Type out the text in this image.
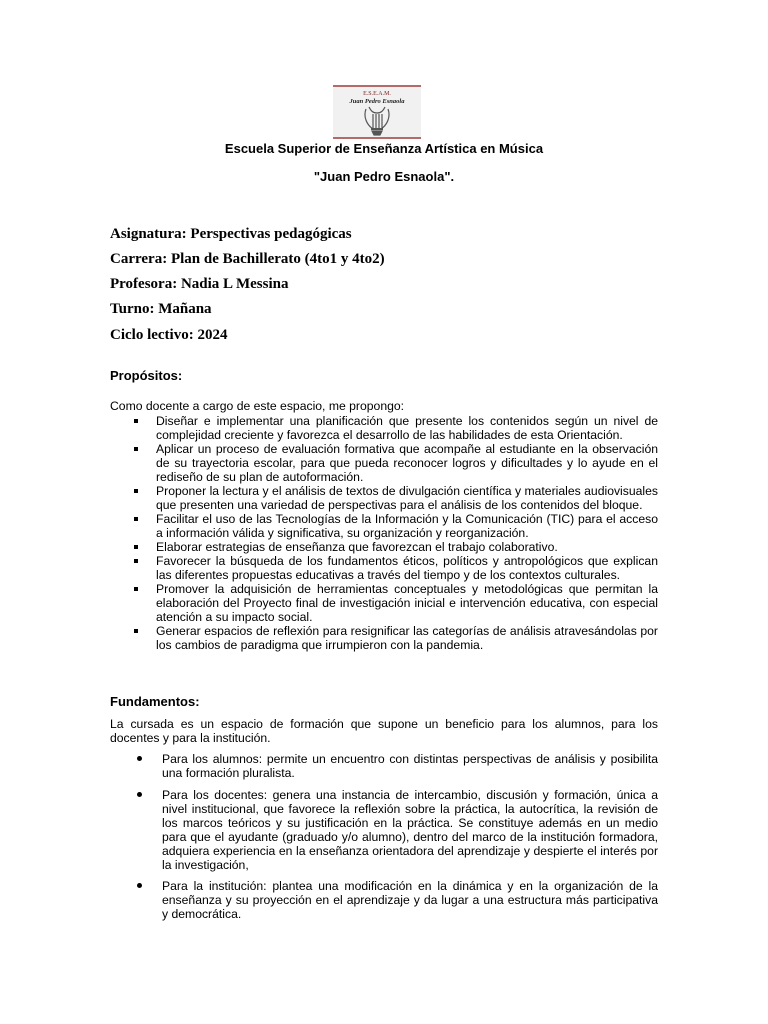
E.S.E.A.M.
Juan Pedro Esnaola
Escuela Superior de Enseñanza Artística en Música
"Juan Pedro Esnaola".
Asignatura: Perspectivas pedagógicas
Carrera: Plan de Bachillerato (4to1 y 4to2)
Profesora: Nadia L Messina
Turno: Mañana
Ciclo lectivo: 2024
Propósitos:
Como docente a cargo de este espacio, me propongo:
Diseñar e implementar una planificación que presente los contenidos según un nivel de complejidad creciente y favorezca el desarrollo de las habilidades de esta Orientación.
Aplicar un proceso de evaluación formativa que acompañe al estudiante en la observación de su trayectoria escolar, para que pueda reconocer logros y dificultades y lo ayude en el rediseño de su plan de autoformación.
Proponer la lectura y el análisis de textos de divulgación científica y materiales audiovisuales que presenten una variedad de perspectivas para el análisis de los contenidos del bloque.
Facilitar el uso de las Tecnologías de la Información y la Comunicación (TIC) para el acceso a información válida y significativa, su organización y reorganización.
Elaborar estrategias de enseñanza que favorezcan el trabajo colaborativo.
Favorecer la búsqueda de los fundamentos éticos, políticos y antropológicos que explican las diferentes propuestas educativas a través del tiempo y de los contextos culturales.
Promover la adquisición de herramientas conceptuales y metodológicas que permitan la elaboración del Proyecto final de investigación inicial e intervención educativa, con especial atención a su impacto social.
Generar espacios de reflexión para resignificar las categorías de análisis atravesándolas por los cambios de paradigma que irrumpieron con la pandemia.
Fundamentos:
La cursada es un espacio de formación que supone un beneficio para los alumnos, para los docentes y para la institución.
Para los alumnos: permite un encuentro con distintas perspectivas de análisis y posibilita una formación pluralista.
Para los docentes: genera una instancia de intercambio, discusión y formación, única a nivel institucional, que favorece la reflexión sobre la práctica, la autocrítica, la revisión de los marcos teóricos y su justificación en la práctica. Se constituye además en un medio para que el ayudante (graduado y/o alumno), dentro del marco de la institución formadora, adquiera experiencia en la enseñanza orientadora del aprendizaje y despierte el interés por la investigación,
Para la institución: plantea una modificación en la dinámica y en la organización de la enseñanza y su proyección en el aprendizaje y da lugar a una estructura más participativa y democrática.
